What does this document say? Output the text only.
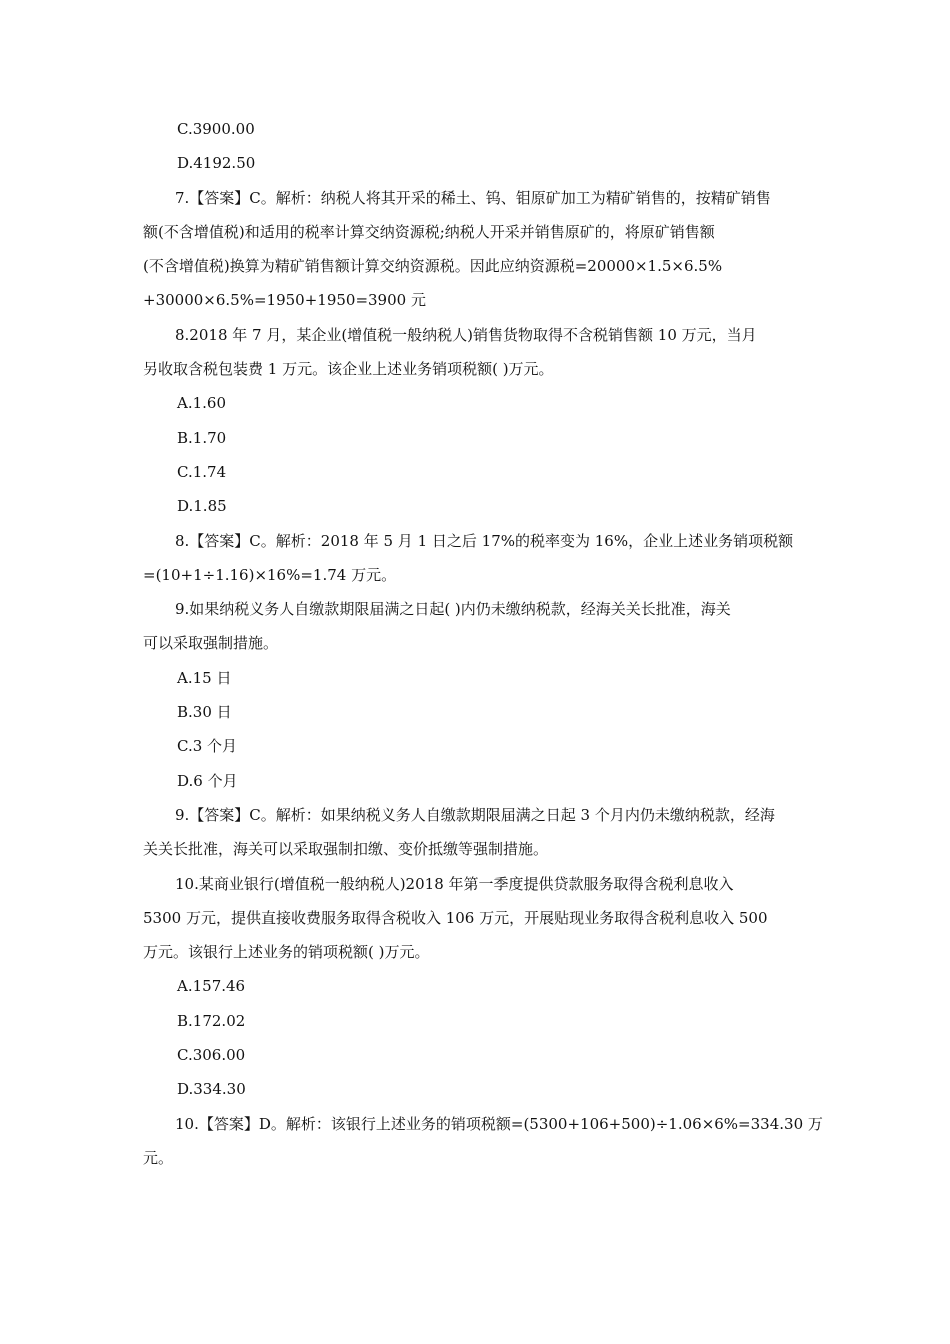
C.3900.00
D.4192.50
7.【答案】C。解析：纳税人将其开采的稀土、钨、钼原矿加工为精矿销售的，按精矿销售
额(不含增值税)和适用的税率计算交纳资源税;纳税人开采并销售原矿的，将原矿销售额
(不含增值税)换算为精矿销售额计算交纳资源税。因此应纳资源税=20000×1.5×6.5%
+30000×6.5%=1950+1950=3900 元
8.2018 年 7 月，某企业(增值税一般纳税人)销售货物取得不含税销售额 10 万元，当月
另收取含税包装费 1 万元。该企业上述业务销项税额( )万元。
A.1.60
B.1.70
C.1.74
D.1.85
8.【答案】C。解析：2018 年 5 月 1 日之后 17%的税率变为 16%，企业上述业务销项税额
=(10+1÷1.16)×16%=1.74 万元。
9.如果纳税义务人自缴款期限届满之日起( )内仍未缴纳税款，经海关关长批准，海关
可以采取强制措施。
A.15 日
B.30 日
C.3 个月
D.6 个月
9.【答案】C。解析：如果纳税义务人自缴款期限届满之日起 3 个月内仍未缴纳税款，经海
关关长批准，海关可以采取强制扣缴、变价抵缴等强制措施。
10.某商业银行(增值税一般纳税人)2018 年第一季度提供贷款服务取得含税利息收入
5300 万元，提供直接收费服务取得含税收入 106 万元，开展贴现业务取得含税利息收入 500
万元。该银行上述业务的销项税额( )万元。
A.157.46
B.172.02
C.306.00
D.334.30
10.【答案】D。解析：该银行上述业务的销项税额=(5300+106+500)÷1.06×6%=334.30 万
元。
